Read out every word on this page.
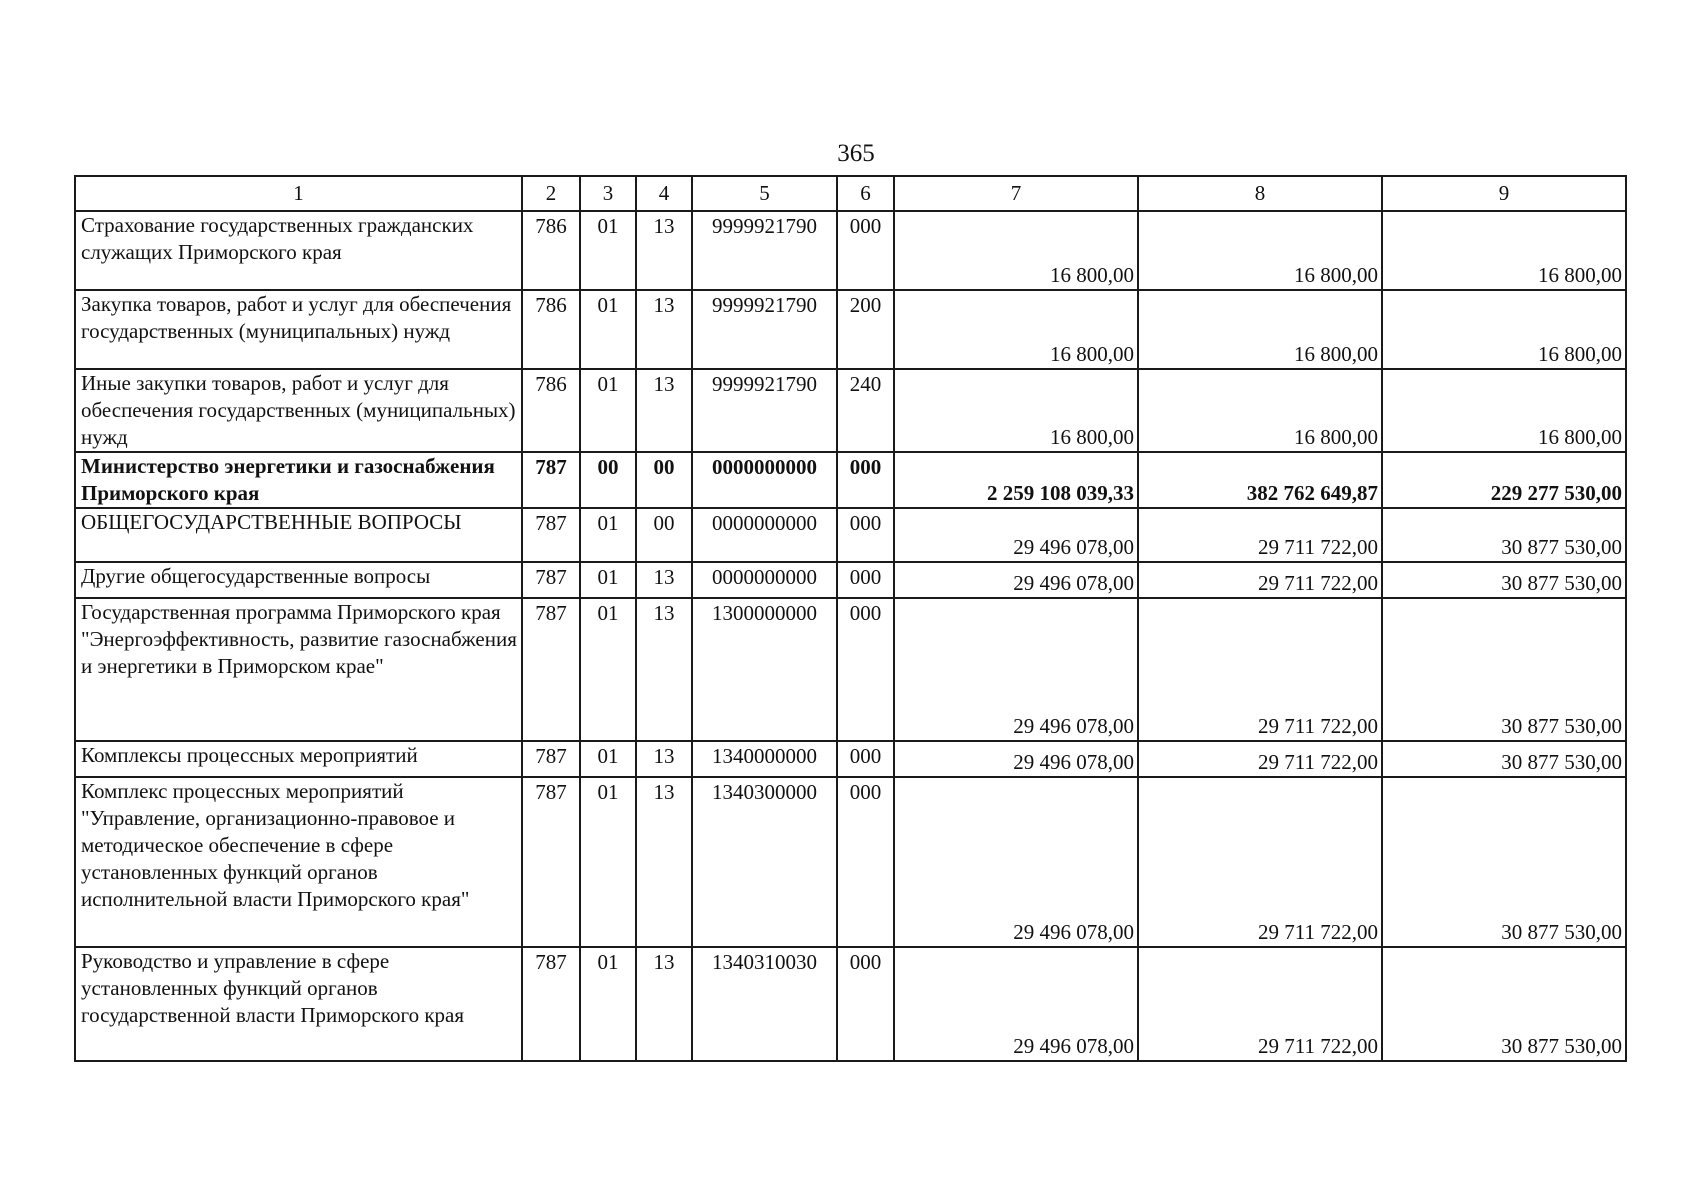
365
1	2	3	4	5	6	7	8	9
Страхование государственных гражданских служащих Приморского края	786	01	13	9999921790	000	16 800,00	16 800,00	16 800,00
Закупка товаров, работ и услуг для обеспечения государственных (муниципальных) нужд	786	01	13	9999921790	200	16 800,00	16 800,00	16 800,00
Иные закупки товаров, работ и услуг для обеспечения государственных (муниципальных) нужд	786	01	13	9999921790	240	16 800,00	16 800,00	16 800,00
Министерство энергетики и газоснабжения Приморского края	787	00	00	0000000000	000	2 259 108 039,33	382 762 649,87	229 277 530,00
ОБЩЕГОСУДАРСТВЕННЫЕ ВОПРОСЫ	787	01	00	0000000000	000	29 496 078,00	29 711 722,00	30 877 530,00
Другие общегосударственные вопросы	787	01	13	0000000000	000	29 496 078,00	29 711 722,00	30 877 530,00
Государственная программа Приморского края "Энергоэффективность, развитие газоснабжения и энергетики в Приморском крае"	787	01	13	1300000000	000	29 496 078,00	29 711 722,00	30 877 530,00
Комплексы процессных мероприятий	787	01	13	1340000000	000	29 496 078,00	29 711 722,00	30 877 530,00
Комплекс процессных мероприятий "Управление, организационно-правовое и методическое обеспечение в сфере установленных функций органов исполнительной власти Приморского края"	787	01	13	1340300000	000	29 496 078,00	29 711 722,00	30 877 530,00
Руководство и управление в сфере установленных функций органов государственной власти Приморского края	787	01	13	1340310030	000	29 496 078,00	29 711 722,00	30 877 530,00
